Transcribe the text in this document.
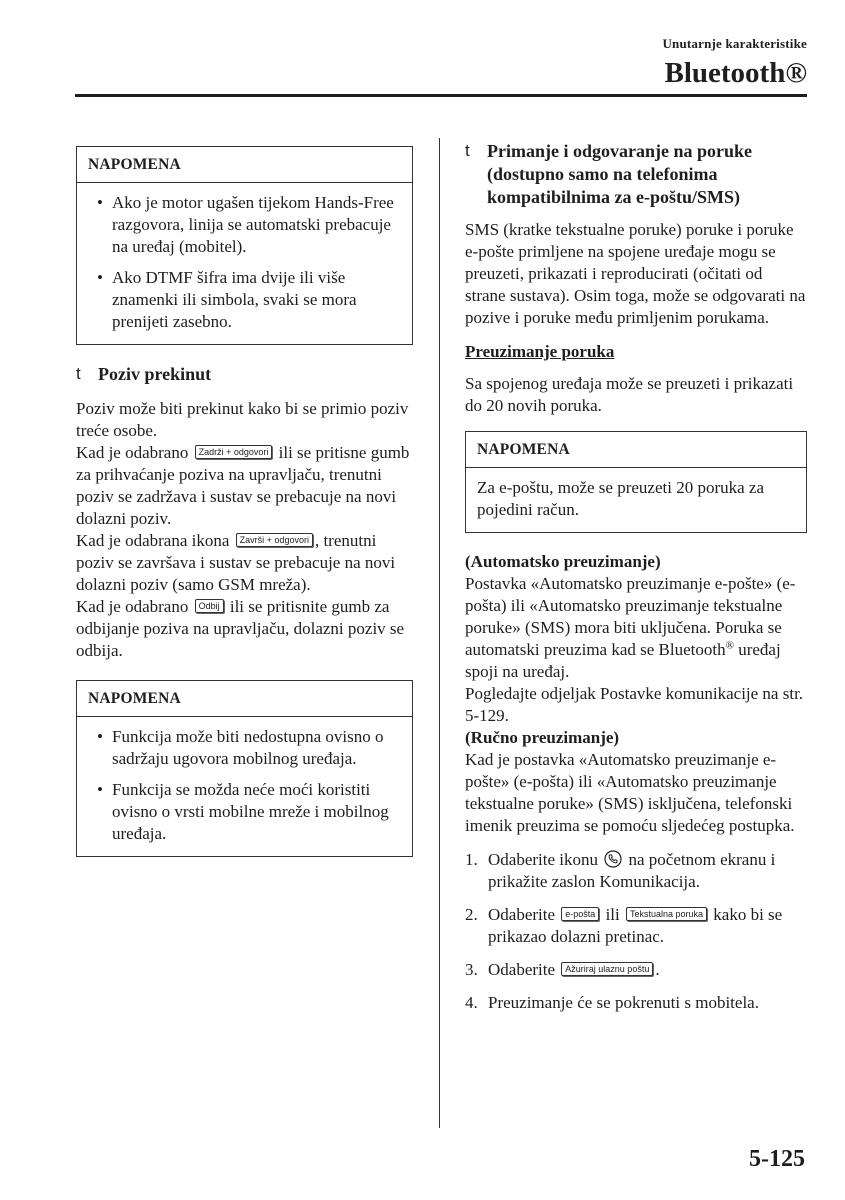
Unutarnje karakteristike
Bluetooth®
NAPOMENA
• Ako je motor ugašen tijekom Hands-Free razgovora, linija se automatski prebacuje na uređaj (mobitel).
• Ako DTMF šifra ima dvije ili više znamenki ili simbola, svaki se mora prenijeti zasebno.
t Poziv prekinut

Poziv može biti prekinut kako bi se primio poziv treće osobe.

Kad je odabrano Zadrži + odgovori ili se pritisne gumb za prihvaćanje poziva na upravljaču, trenutni poziv se zadržava i sustav se prebacuje na novi dolazni poziv.

Kad je odabrana ikona Završi + odgovori , trenutni poziv se završava i sustav se prebacuje na novi dolazni poziv (samo GSM mreža).

Kad je odabrano Odbij ili se pritisnite gumb za odbijanje poziva na upravljaču, dolazni poziv se odbija.

NAPOMENA
• Funkcija može biti nedostupna ovisno o sadržaju ugovora mobilnog uređaja.
• Funkcija se možda neće moći koristiti ovisno o vrsti mobilne mreže i mobilnog uređaja.
t Primanje i odgovaranje na poruke (dostupno samo na telefonima kompatibilnima za e-poštu/SMS)

SMS (kratke tekstualne poruke) poruke i poruke e-pošte primljene na spojene uređaje mogu se preuzeti, prikazati i reproducirati (očitati od strane sustava). Osim toga, može se odgovarati na pozive i poruke među primljenim porukama.

Preuzimanje poruka

Sa spojenog uređaja može se preuzeti i prikazati do 20 novih poruka.

NAPOMENA

Za e-poštu, može se preuzeti 20 poruka za pojedini račun.

(Automatsko preuzimanje)

Postavka «Automatsko preuzimanje e-pošte» (e-pošta) ili «Automatsko preuzimanje tekstualne poruke» (SMS) mora biti uključena. Poruka se automatski preuzima kad se Bluetooth® uređaj spoji na uređaj.

Pogledajte odjeljak Postavke komunikacije na str. 5-129.

(Ručno preuzimanje)

Kad je postavka «Automatsko preuzimanje e-pošte» (e-pošta) ili «Automatsko preuzimanje tekstualne poruke» (SMS) isključena, telefonski imenik preuzima se pomoću sljedećeg postupka.

1. Odaberite ikonu  na početnom ekranu i prikažite zaslon Komunikacija.
2. Odaberite e-pošta ili Tekstualna poruka kako bi se prikazao dolazni pretinac.
3. Odaberite Ažuriraj ulaznu poštu .
4. Preuzimanje će se pokrenuti s mobitela.
5-125
